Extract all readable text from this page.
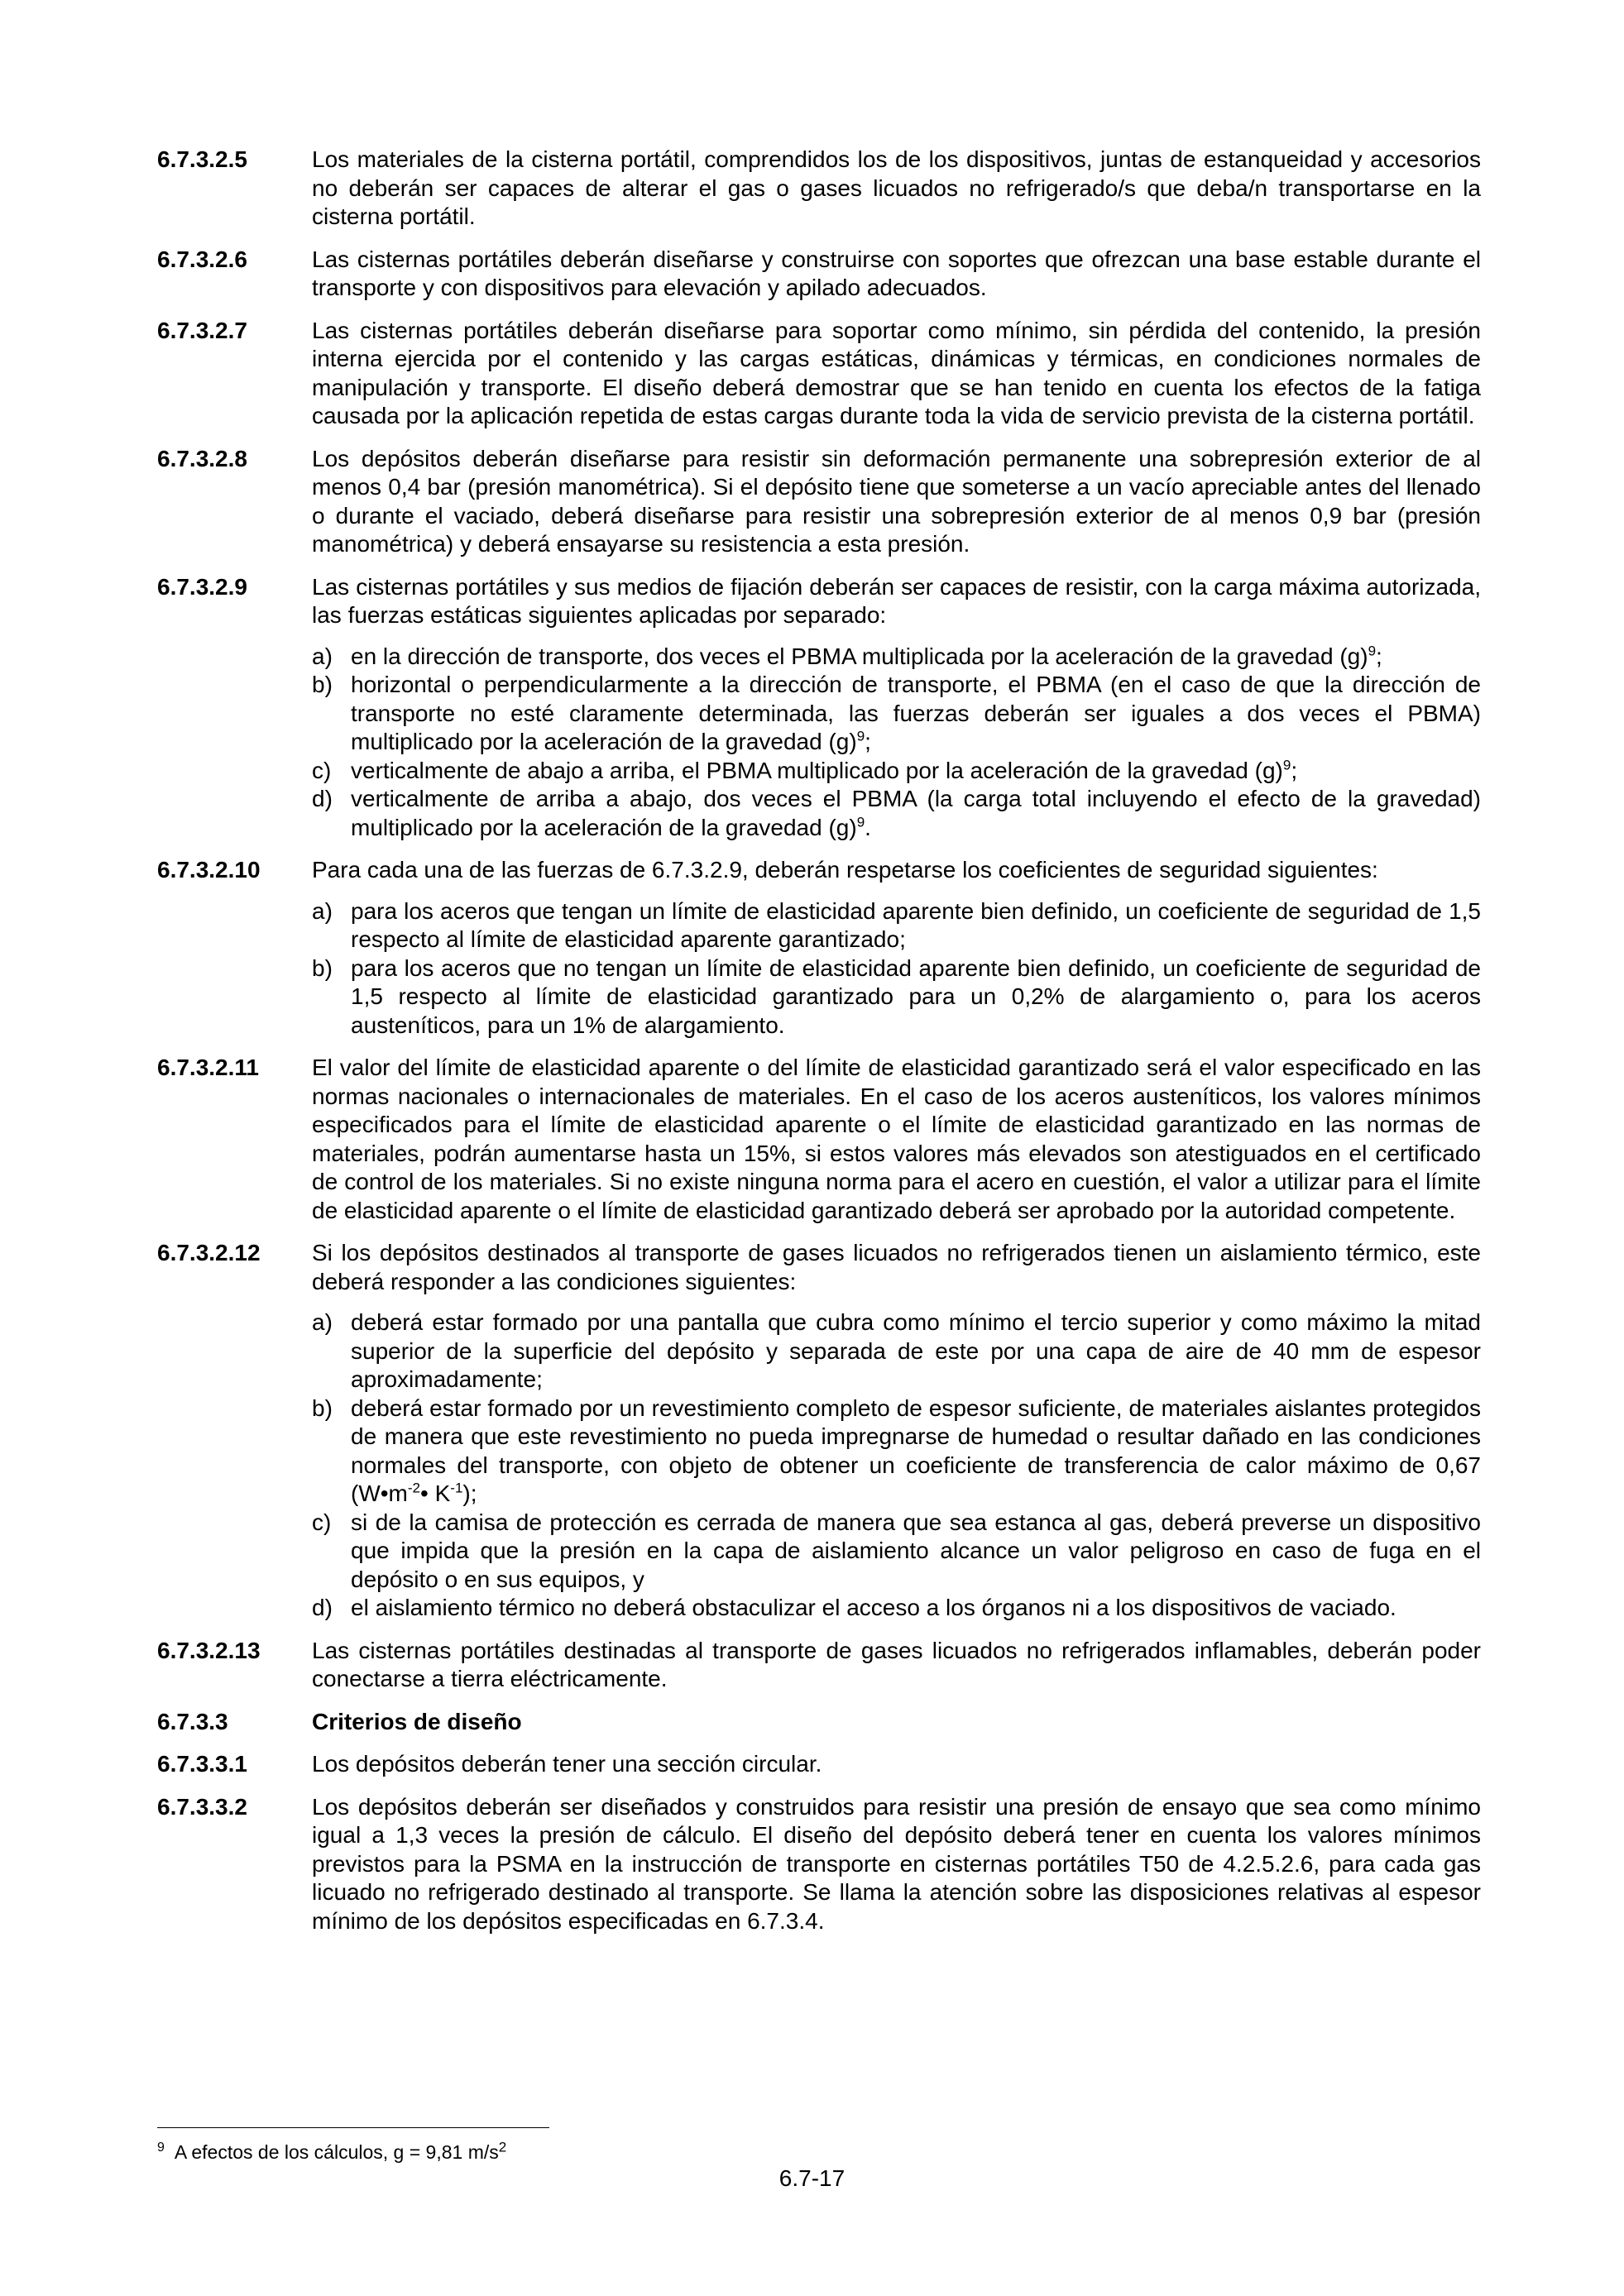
6.7.3.2.5	Los materiales de la cisterna portátil, comprendidos los de los dispositivos, juntas de estanqueidad y accesorios no deberán ser capaces de alterar el gas o gases licuados no refrigerado/s que deba/n transportarse en la cisterna portátil.
6.7.3.2.6	Las cisternas portátiles deberán diseñarse y construirse con soportes que ofrezcan una base estable durante el transporte y con dispositivos para elevación y apilado adecuados.
6.7.3.2.7	Las cisternas portátiles deberán diseñarse para soportar como mínimo, sin pérdida del contenido, la presión interna ejercida por el contenido y las cargas estáticas, dinámicas y térmicas, en condiciones normales de manipulación y transporte. El diseño deberá demostrar que se han tenido en cuenta los efectos de la fatiga causada por la aplicación repetida de estas cargas durante toda la vida de servicio prevista de la cisterna portátil.
6.7.3.2.8	Los depósitos deberán diseñarse para resistir sin deformación permanente una sobrepresión exterior de al menos 0,4 bar (presión manométrica). Si el depósito tiene que someterse a un vacío apreciable antes del llenado o durante el vaciado, deberá diseñarse para resistir una sobrepresión exterior de al menos 0,9 bar (presión manométrica) y deberá ensayarse su resistencia a esta presión.
6.7.3.2.9	Las cisternas portátiles y sus medios de fijación deberán ser capaces de resistir, con la carga máxima autorizada, las fuerzas estáticas siguientes aplicadas por separado:
a) en la dirección de transporte, dos veces el PBMA multiplicada por la aceleración de la gravedad $(g)^9$;
b) horizontal o perpendicularmente a la dirección de transporte, el PBMA (en el caso de que la dirección de transporte no esté claramente determinada, las fuerzas deberán ser iguales a dos veces el PBMA) multiplicado por la aceleración de la gravedad $(g)^9$;
c) verticalmente de abajo a arriba, el PBMA multiplicado por la aceleración de la gravedad $(g)^9$;
d) verticalmente de arriba a abajo, dos veces el PBMA (la carga total incluyendo el efecto de la gravedad) multiplicado por la aceleración de la gravedad $(g)^9$.
6.7.3.2.10	Para cada una de las fuerzas de 6.7.3.2.9, deberán respetarse los coeficientes de seguridad siguientes:
a) para los aceros que tengan un límite de elasticidad aparente bien definido, un coeficiente de seguridad de 1,5 respecto al límite de elasticidad aparente garantizado;
b) para los aceros que no tengan un límite de elasticidad aparente bien definido, un coeficiente de seguridad de 1,5 respecto al límite de elasticidad garantizado para un 0,2% de alargamiento o, para los aceros austeníticos, para un 1% de alargamiento.
6.7.3.2.11	El valor del límite de elasticidad aparente o del límite de elasticidad garantizado será el valor especificado en las normas nacionales o internacionales de materiales. En el caso de los aceros austeníticos, los valores mínimos especificados para el límite de elasticidad aparente o el límite de elasticidad garantizado en las normas de materiales, podrán aumentarse hasta un 15%, si estos valores más elevados son atestiguados en el certificado de control de los materiales. Si no existe ninguna norma para el acero en cuestión, el valor a utilizar para el límite de elasticidad aparente o el límite de elasticidad garantizado deberá ser aprobado por la autoridad competente.
6.7.3.2.12	Si los depósitos destinados al transporte de gases licuados no refrigerados tienen un aislamiento térmico, este deberá responder a las condiciones siguientes:
a) deberá estar formado por una pantalla que cubra como mínimo el tercio superior y como máximo la mitad superior de la superficie del depósito y separada de este por una capa de aire de 40 mm de espesor aproximadamente;
b) deberá estar formado por un revestimiento completo de espesor suficiente, de materiales aislantes protegidos de manera que este revestimiento no pueda impregnarse de humedad o resultar dañado en las condiciones normales del transporte, con objeto de obtener un coeficiente de transferencia de calor máximo de 0,67 ($W•m^{-2}•$ $K^{-1}$);
c) si de la camisa de protección es cerrada de manera que sea estanca al gas, deberá preverse un dispositivo que impida que la presión en la capa de aislamiento alcance un valor peligroso en caso de fuga en el depósito o en sus equipos, y
d) el aislamiento térmico no deberá obstaculizar el acceso a los órganos ni a los dispositivos de vaciado.
6.7.3.2.13	Las cisternas portátiles destinadas al transporte de gases licuados no refrigerados inflamables, deberán poder conectarse a tierra eléctricamente.
6.7.3.3	Criterios de diseño
6.7.3.3.1	Los depósitos deberán tener una sección circular.
6.7.3.3.2	Los depósitos deberán ser diseñados y construidos para resistir una presión de ensayo que sea como mínimo igual a 1,3 veces la presión de cálculo. El diseño del depósito deberá tener en cuenta los valores mínimos previstos para la PSMA en la instrucción de transporte en cisternas portátiles T50 de 4.2.5.2.6, para cada gas licuado no refrigerado destinado al transporte. Se llama la atención sobre las disposiciones relativas al espesor mínimo de los depósitos especificadas en 6.7.3.4.
$^9$ A efectos de los cálculos, g = 9,81 $m/s^2$
6.7-17
